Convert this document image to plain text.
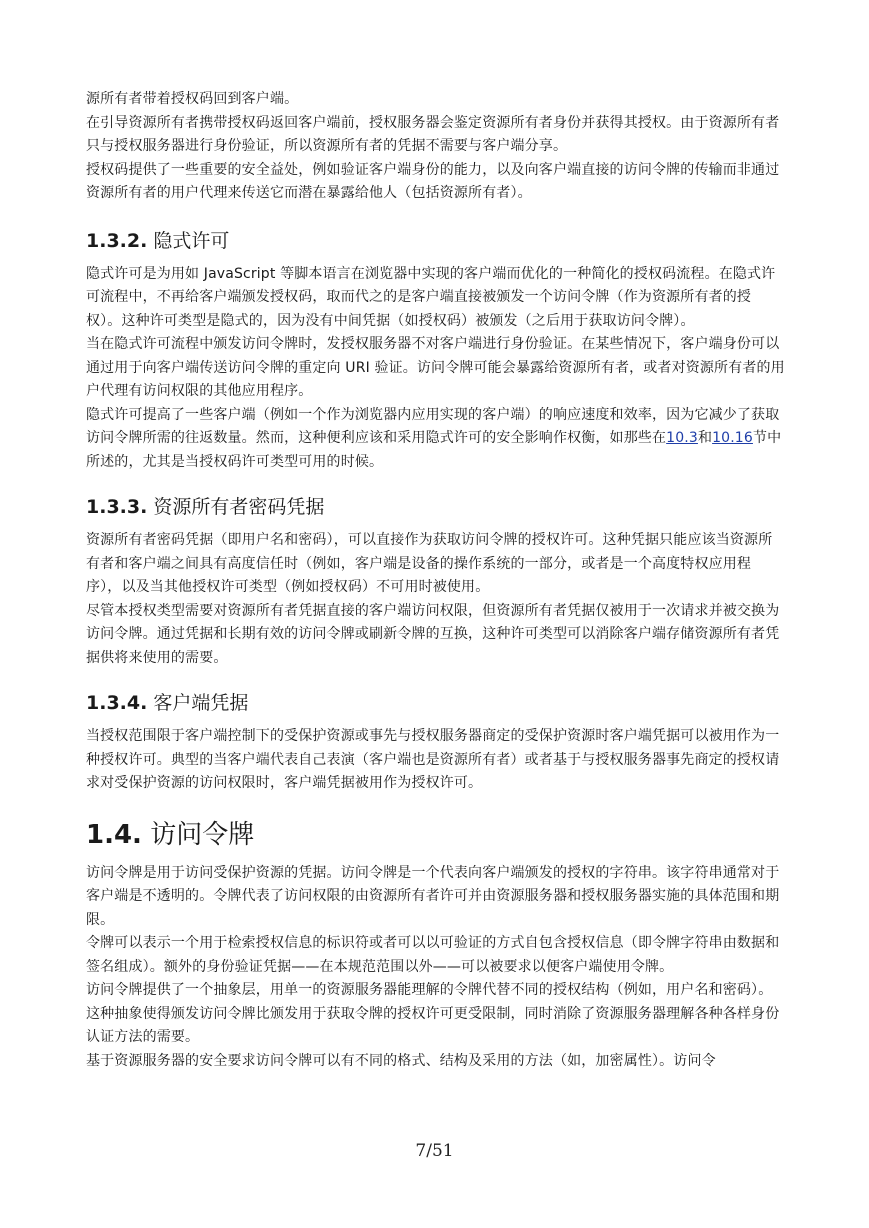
源所有者带着授权码回到客户端。

在引导资源所有者携带授权码返回客户端前，授权服务器会鉴定资源所有者身份并获得其授权。由于资源所有者只与授权服务器进行身份验证，所以资源所有者的凭据不需要与客户端分享。

授权码提供了一些重要的安全益处，例如验证客户端身份的能力，以及向客户端直接的访问令牌的传输而非通过资源所有者的用户代理来传送它而潜在暴露给他人（包括资源所有者）。

1.3.2. 隐式许可

隐式许可是为用如 JavaScript 等脚本语言在浏览器中实现的客户端而优化的一种简化的授权码流程。在隐式许可流程中，不再给客户端颁发授权码，取而代之的是客户端直接被颁发一个访问令牌（作为资源所有者的授权）。这种许可类型是隐式的，因为没有中间凭据（如授权码）被颁发（之后用于获取访问令牌）。

当在隐式许可流程中颁发访问令牌时，发授权服务器不对客户端进行身份验证。在某些情况下，客户端身份可以通过用于向客户端传送访问令牌的重定向 URI 验证。访问令牌可能会暴露给资源所有者，或者对资源所有者的用户代理有访问权限的其他应用程序。

隐式许可提高了一些客户端（例如一个作为浏览器内应用实现的客户端）的响应速度和效率，因为它减少了获取访问令牌所需的往返数量。然而，这种便利应该和采用隐式许可的安全影响作权衡，如那些在10.3和10.16节中所述的，尤其是当授权码许可类型可用的时候。

1.3.3. 资源所有者密码凭据

资源所有者密码凭据（即用户名和密码），可以直接作为获取访问令牌的授权许可。这种凭据只能应该当资源所有者和客户端之间具有高度信任时（例如，客户端是设备的操作系统的一部分，或者是一个高度特权应用程序），以及当其他授权许可类型（例如授权码）不可用时被使用。

尽管本授权类型需要对资源所有者凭据直接的客户端访问权限，但资源所有者凭据仅被用于一次请求并被交换为访问令牌。通过凭据和长期有效的访问令牌或刷新令牌的互换，这种许可类型可以消除客户端存储资源所有者凭据供将来使用的需要。

1.3.4. 客户端凭据

当授权范围限于客户端控制下的受保护资源或事先与授权服务器商定的受保护资源时客户端凭据可以被用作为一种授权许可。典型的当客户端代表自己表演（客户端也是资源所有者）或者基于与授权服务器事先商定的授权请求对受保护资源的访问权限时，客户端凭据被用作为授权许可。

1.4. 访问令牌

访问令牌是用于访问受保护资源的凭据。访问令牌是一个代表向客户端颁发的授权的字符串。该字符串通常对于客户端是不透明的。令牌代表了访问权限的由资源所有者许可并由资源服务器和授权服务器实施的具体范围和期限。

令牌可以表示一个用于检索授权信息的标识符或者可以以可验证的方式自包含授权信息（即令牌字符串由数据和签名组成）。额外的身份验证凭据——在本规范范围以外——可以被要求以便客户端使用令牌。

访问令牌提供了一个抽象层，用单一的资源服务器能理解的令牌代替不同的授权结构（例如，用户名和密码）。这种抽象使得颁发访问令牌比颁发用于获取令牌的授权许可更受限制，同时消除了资源服务器理解各种各样身份认证方法的需要。

基于资源服务器的安全要求访问令牌可以有不同的格式、结构及采用的方法（如，加密属性）。访问令

7/51
